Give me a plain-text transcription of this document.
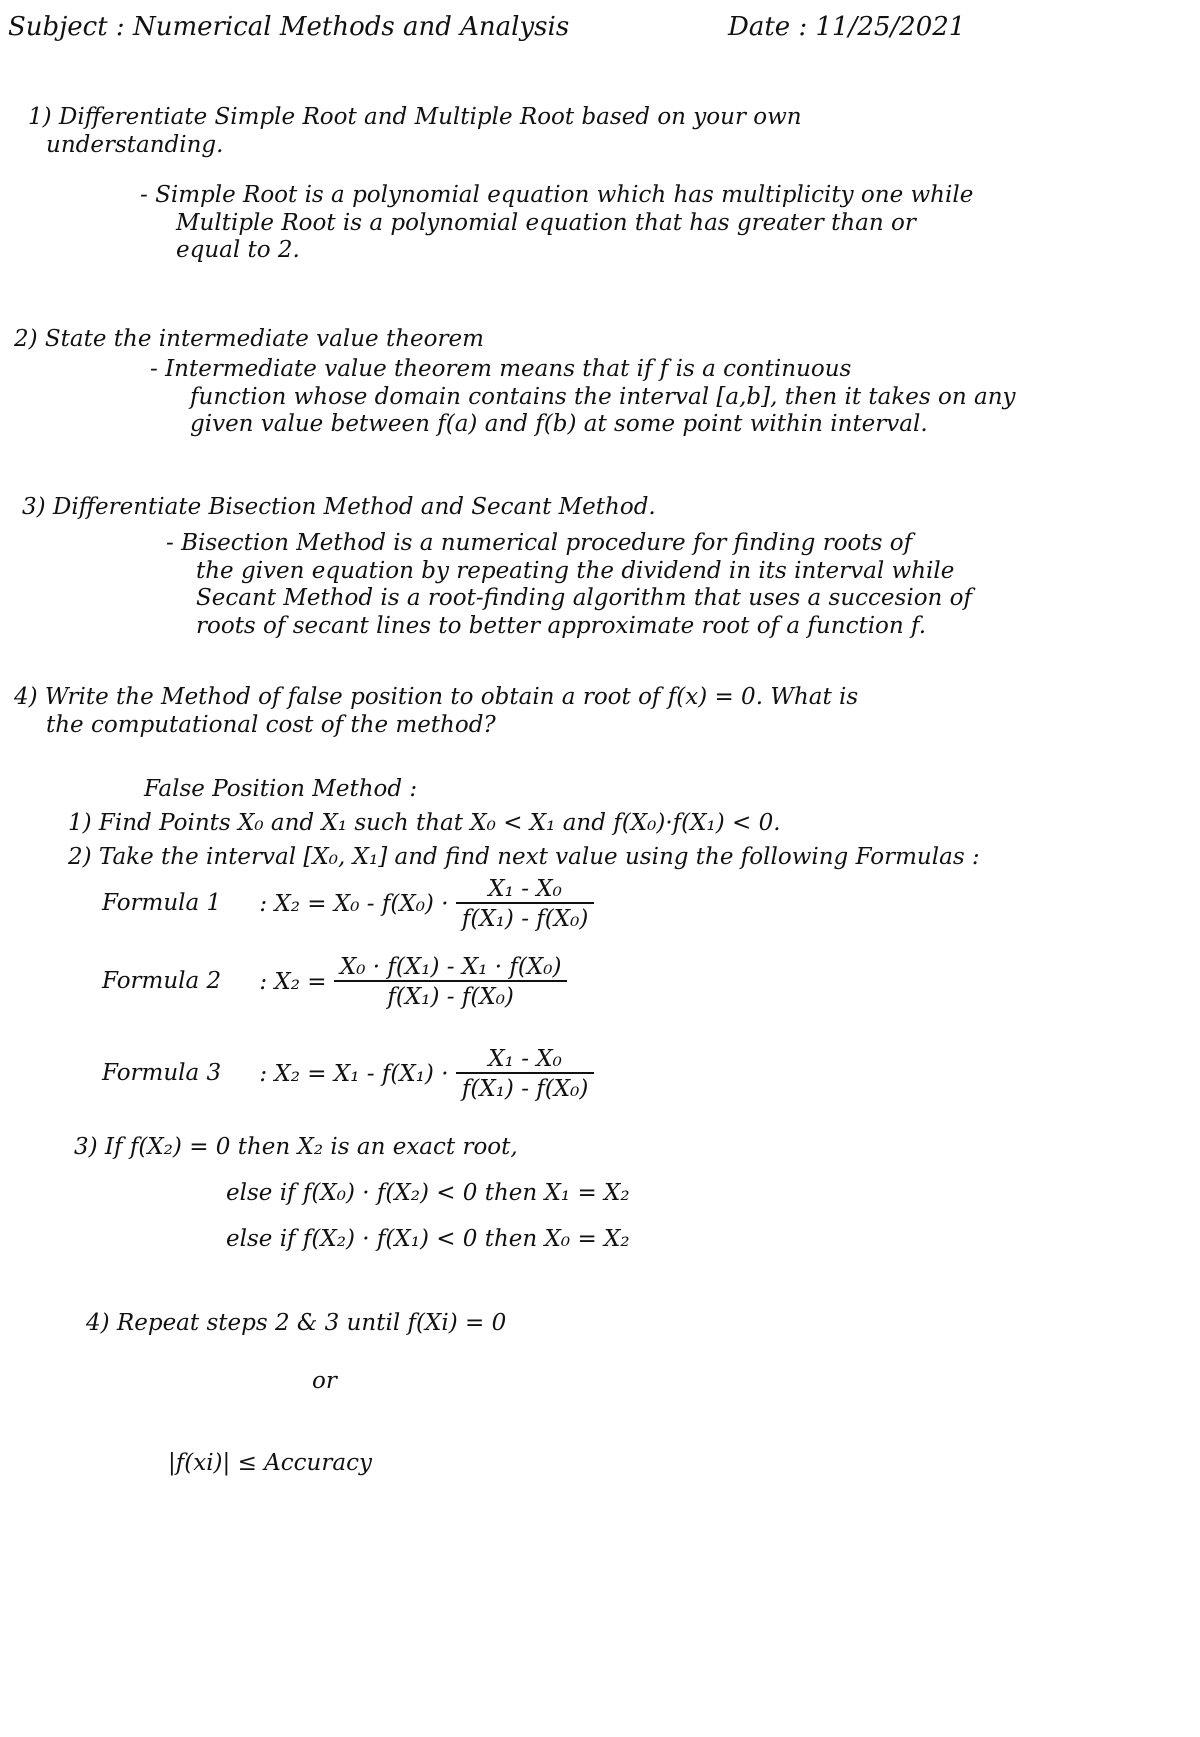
Subject : Numerical Methods and Analysis	Date : 11/25/2021
1) Differentiate Simple Root and Multiple Root based on your own
understanding.
- Simple Root is a polynomial equation which has multiplicity one while
Multiple Root is a polynomial equation that has greater than or
equal to 2.
2) State the intermediate value theorem
- Intermediate value theorem means that if f is a continuous
function whose domain contains the interval [a,b], then it takes on any
given value between f(a) and f(b) at some point within interval.
3) Differentiate Bisection Method and Secant Method.
- Bisection Method is a numerical procedure for finding roots of
the given equation by repeating the dividend in its interval while
Secant Method is a root-finding algorithm that uses a succesion of
roots of secant lines to better approximate root of a function f.
4) Write the Method of false position to obtain a root of f(x) = 0. What is
the computational cost of the method?
False Position Method :
1) Find Points X₀ and X₁ such that X₀ < X₁ and f(X₀)·f(X₁) < 0.
2) Take the interval [X₀, X₁] and find next value using the following Formulas :
Formula 1 : $X_2 = X_0 - f(X_0) \cdot \frac{\text{X₁ - X₀}}{\text{f(X₁) - f(X₀)}}$
Formula 2 : $X_2 = \frac{\text{X₀ · f(X₁) - X₁ · f(X₀)}}{\text{f(X₁) - f(X₀)}}$
Formula 3 : $X_2 = X_1 - f(X_1) \cdot \frac{\text{X₁ - X₀}}{\text{f(X₁) - f(X₀)}}$
3) If f(X₂) = 0 then X₂ is an exact root,
else if f(X₀) · f(X₂) < 0 then X₁ = X₂
else if f(X₂) · f(X₁) < 0 then X₀ = X₂
4) Repeat steps 2 & 3 until f(Xi) = 0
or
|f(xi)| ≤ Accuracy
